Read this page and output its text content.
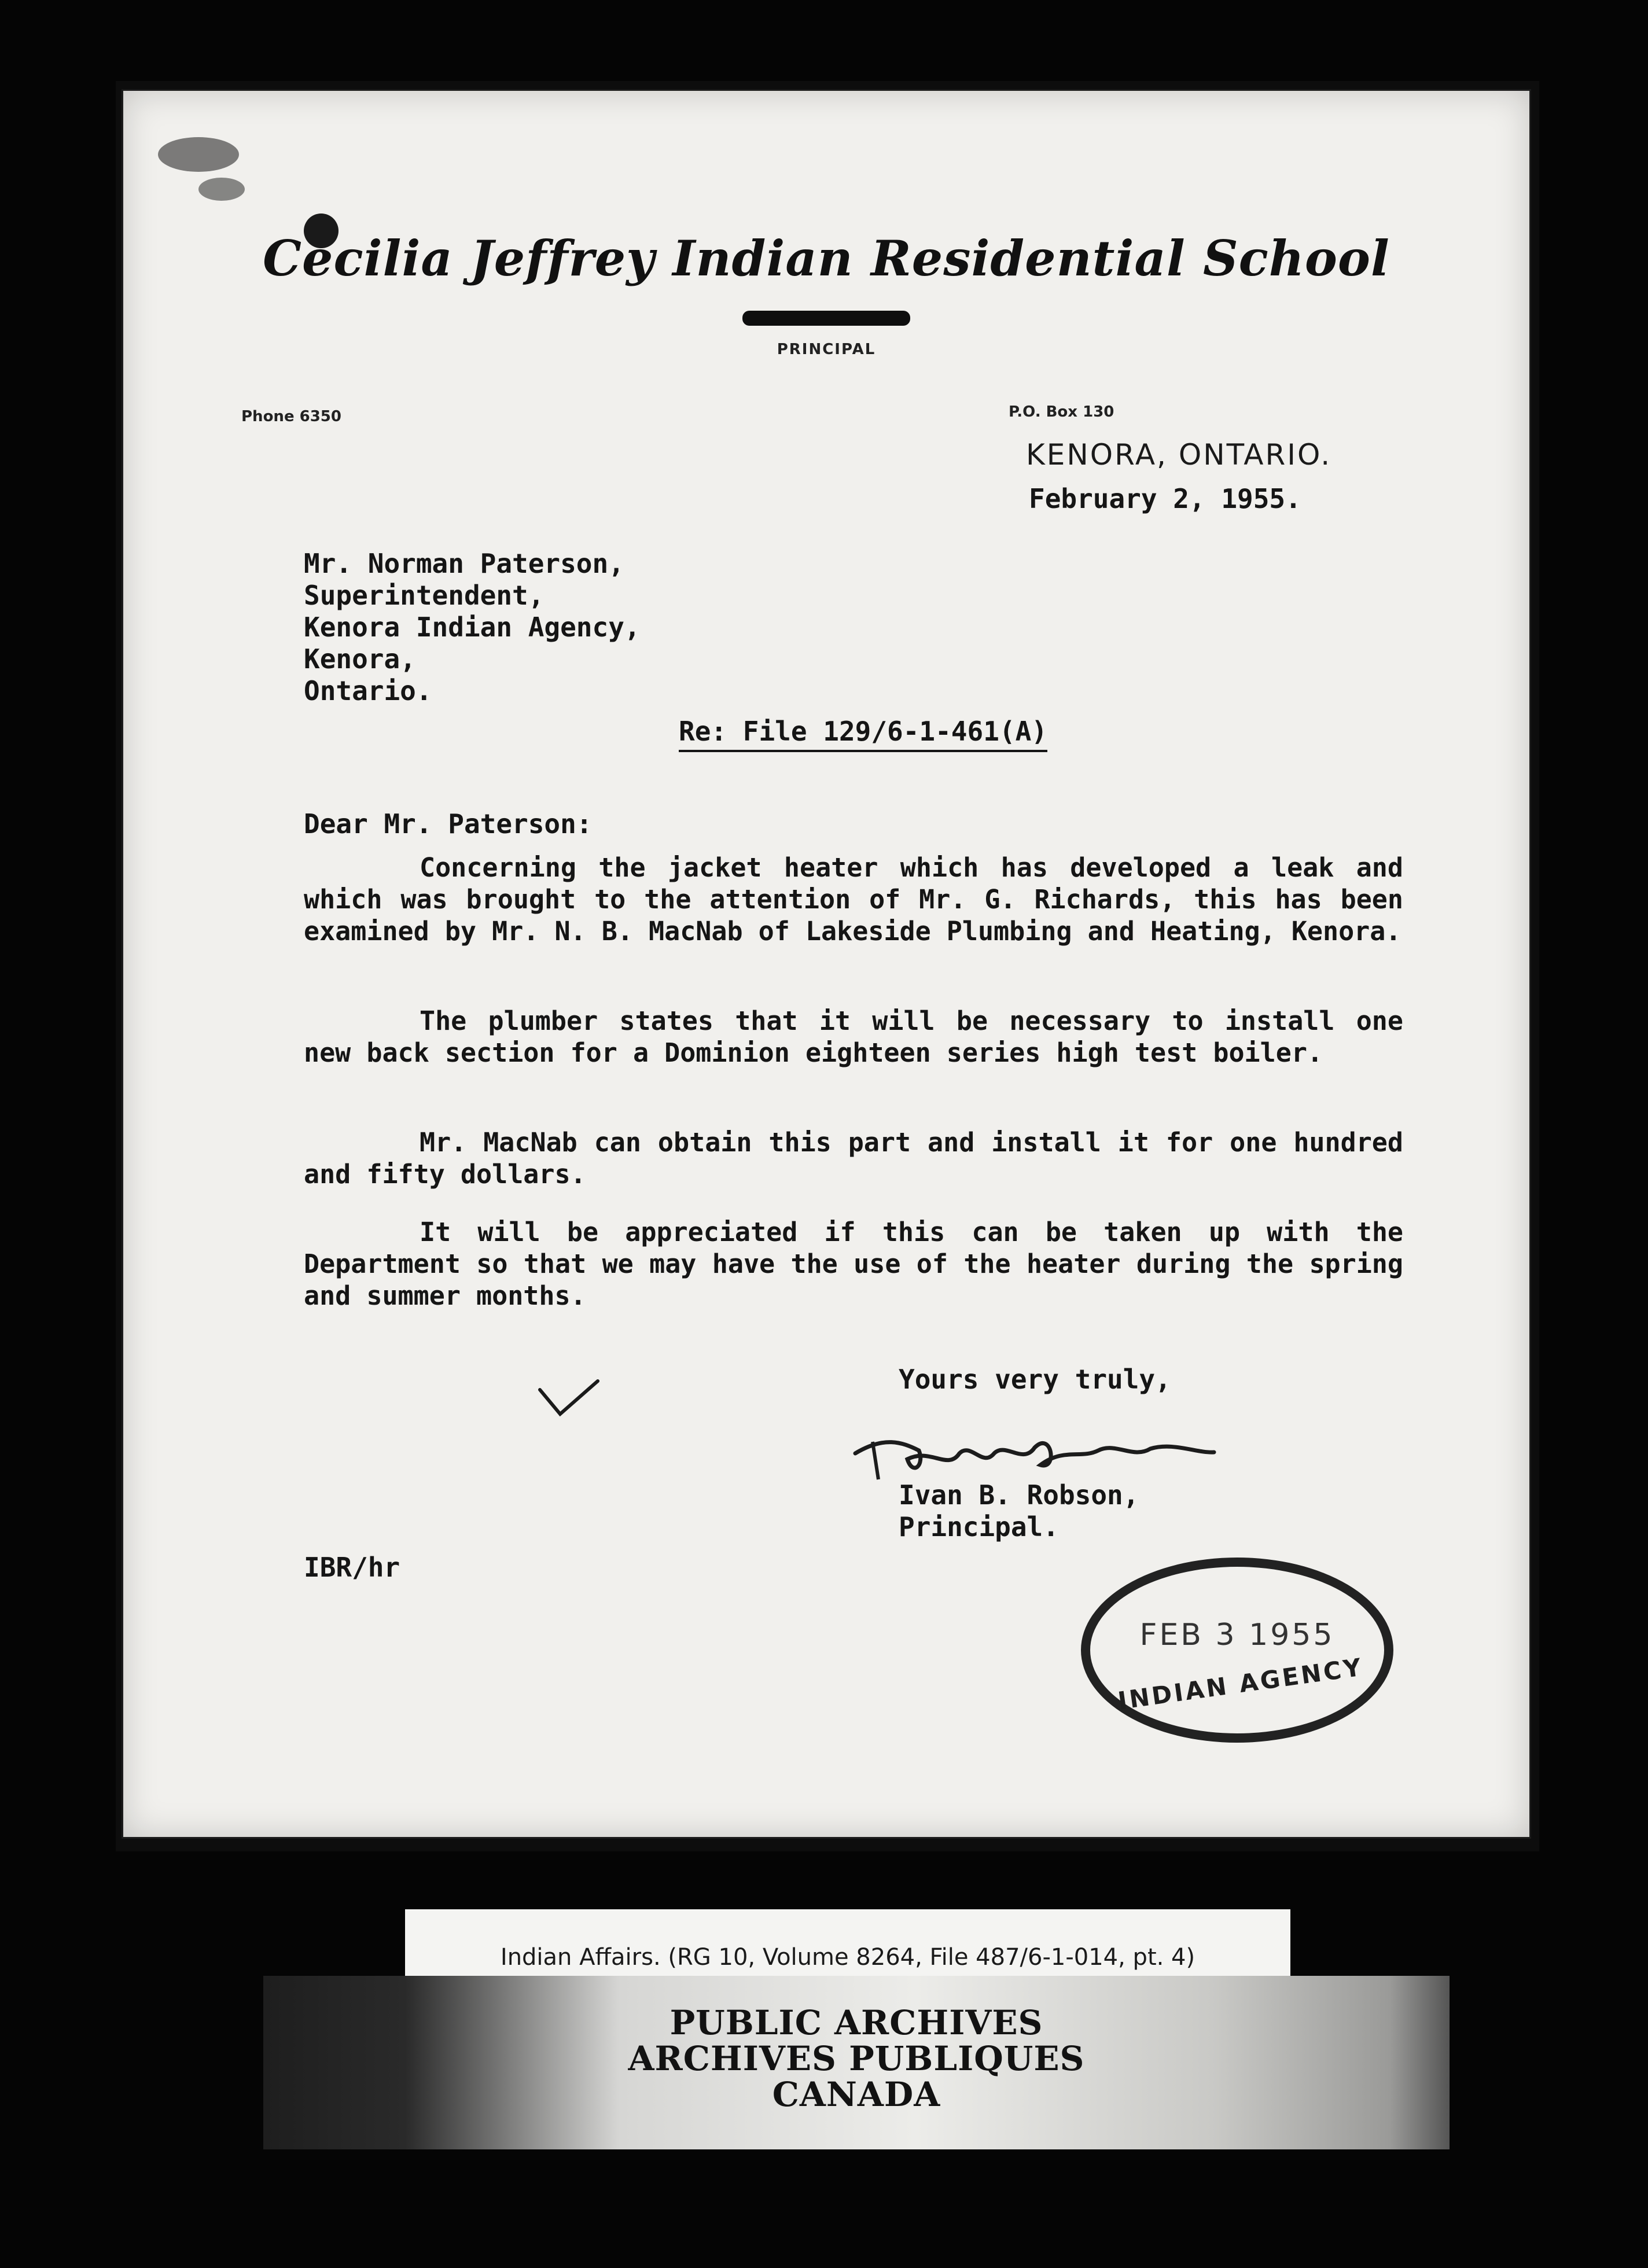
Cecilia Jeffrey Indian Residential School
PRINCIPAL
Phone 6350	P.O. Box 130
KENORA, ONTARIO.
February 2, 1955.
Mr. Norman Paterson,
Superintendent,
Kenora Indian Agency,
Kenora,
Ontario.
Re: File 129/6-1-461(A)
Dear Mr. Paterson:

Concerning the jacket heater which has developed a leak and which was brought to the attention of Mr. G. Richards, this has been examined by Mr. N. B. MacNab of Lakeside Plumbing and Heating, Kenora.

The plumber states that it will be necessary to install one new back section for a Dominion eighteen series high test boiler.

Mr. MacNab can obtain this part and install it for one hundred and fifty dollars.

It will be appreciated if this can be taken up with the Department so that we may have the use of the heater during the spring and summer months.

Yours very truly,
Ivan B. Robson,
Principal.
IBR/hr
FEB 3 1955
INDIAN AGENCY
Indian Affairs. (RG 10, Volume 8264, File 487/6-1-014, pt. 4)
PUBLIC ARCHIVES
ARCHIVES PUBLIQUES
CANADA
